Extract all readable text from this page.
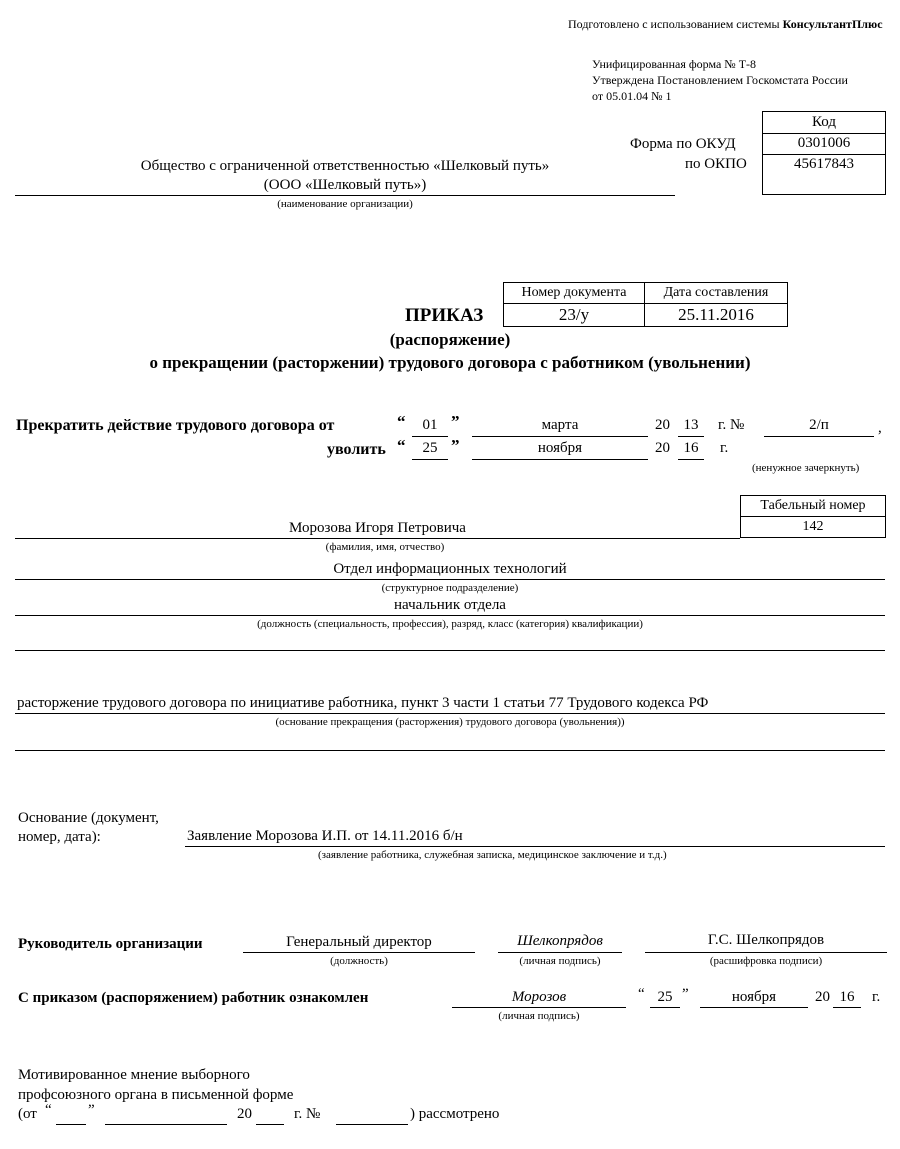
Подготовлено с использованием системы КонсультантПлюс
Унифицированная форма № Т-8
Утверждена Постановлением Госкомстата России
от 05.01.04 № 1
Код
0301006
45617843
Форма по ОКУД
по ОКПО
Общество с ограниченной ответственностью «Шелковый путь»
(ООО «Шелковый путь»)
(наименование организации)
Номер документа	Дата составления
23/у	25.11.2016
ПРИКАЗ
(распоряжение)
о прекращении (расторжении) трудового договора с работником (увольнении)
Прекратить действие трудового договора от	“	01 ”	марта	20 13	г. №	2/п	,
уволить “	25 ”	ноября	20 16	г.
(ненужное зачеркнуть)
Табельный номер
142
Морозова Игоря Петровича
(фамилия, имя, отчество)
Отдел информационных технологий
(структурное подразделение)
начальник отдела
(должность (специальность, профессия), разряд, класс (категория) квалификации)
расторжение трудового договора по инициативе работника, пункт 3 части 1 статьи 77 Трудового кодекса РФ
(основание прекращения (расторжения) трудового договора (увольнения))
Основание (документ,
номер, дата):	Заявление Морозова И.П. от 14.11.2016 б/н
(заявление работника, служебная записка, медицинское заключение и т.д.)
Руководитель организации	Генеральный директор
(должность)
Шелкопрядов
(личная подпись)
Г.С. Шелкопрядов
(расшифровка подписи)
С приказом (распоряжением) работник ознакомлен	Морозов
(личная подпись)
“ 25 ”	ноября	20 16	г.
Мотивированное мнение выборного
профсоюзного органа в письменной форме
(от “ ”	20	г. №	) рассмотрено
